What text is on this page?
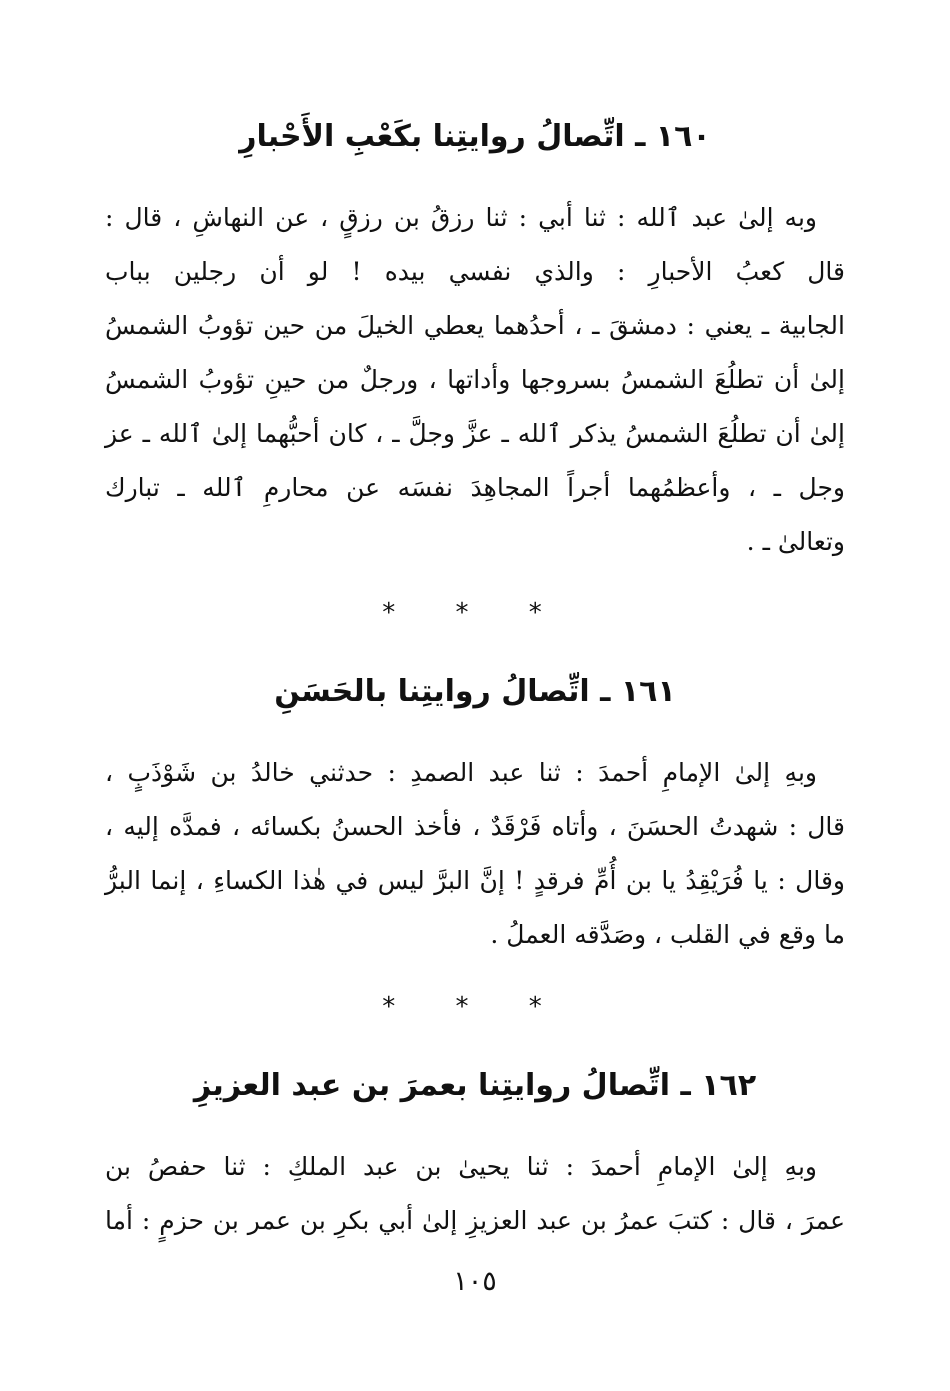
١٦٠ ـ اتِّصالُ روايتِنا بكَعْبِ الأَحْبارِ
وبه إلىٰ عبد ٱلله : ثنا أبي : ثنا رزقُ بن رزقٍ ، عن النهاشِ ، قال :
قال كعبُ الأحبارِ : والذي نفسي بيده ! لو أن رجلين بباب
الجابية ـ يعني : دمشقَ ـ ، أحدُهما يعطي الخيلَ من حين تؤوبُ الشمسُ
إلىٰ أن تطلُعَ الشمسُ بسروجها وأداتها ، ورجلٌ من حينِ تؤوبُ الشمسُ
إلىٰ أن تطلُعَ الشمسُ يذكر ٱلله ـ عزَّ وجلَّ ـ ، كان أحبُّهما إلىٰ ٱلله ـ عز
وجل ـ ، وأعظمُهما أجراً المجاهِدَ نفسَه عن محارمِ ٱلله ـ تبارك
وتعالىٰ ـ .
* * *
١٦١ ـ اتِّصالُ روايتِنا بالحَسَنِ
وبهِ إلىٰ الإمامِ أحمدَ : ثنا عبد الصمدِ : حدثني خالدُ بن شَوْذَبٍ ،
قال : شهدتُ الحسَنَ ، وأتاه فَرْقَدٌ ، فأخذ الحسنُ بكسائه ، فمدَّه إليه ،
وقال : يا فُرَيْقِدُ يا بن أُمِّ فرقدٍ ! إنَّ البرَّ ليس في هٰذا الكساءِ ، إنما البرُّ
ما وقع في القلب ، وصَدَّقه العملُ .
* * *
١٦٢ ـ اتِّصالُ روايتِنا بعمرَ بن عبد العزيزِ
وبهِ إلىٰ الإمامِ أحمدَ : ثنا يحيىٰ بن عبد الملكِ : ثنا حفصُ بن
عمرَ ، قال : كتبَ عمرُ بن عبد العزيزِ إلىٰ أبي بكرِ بن عمر بن حزمٍ : أما
١٠٥
